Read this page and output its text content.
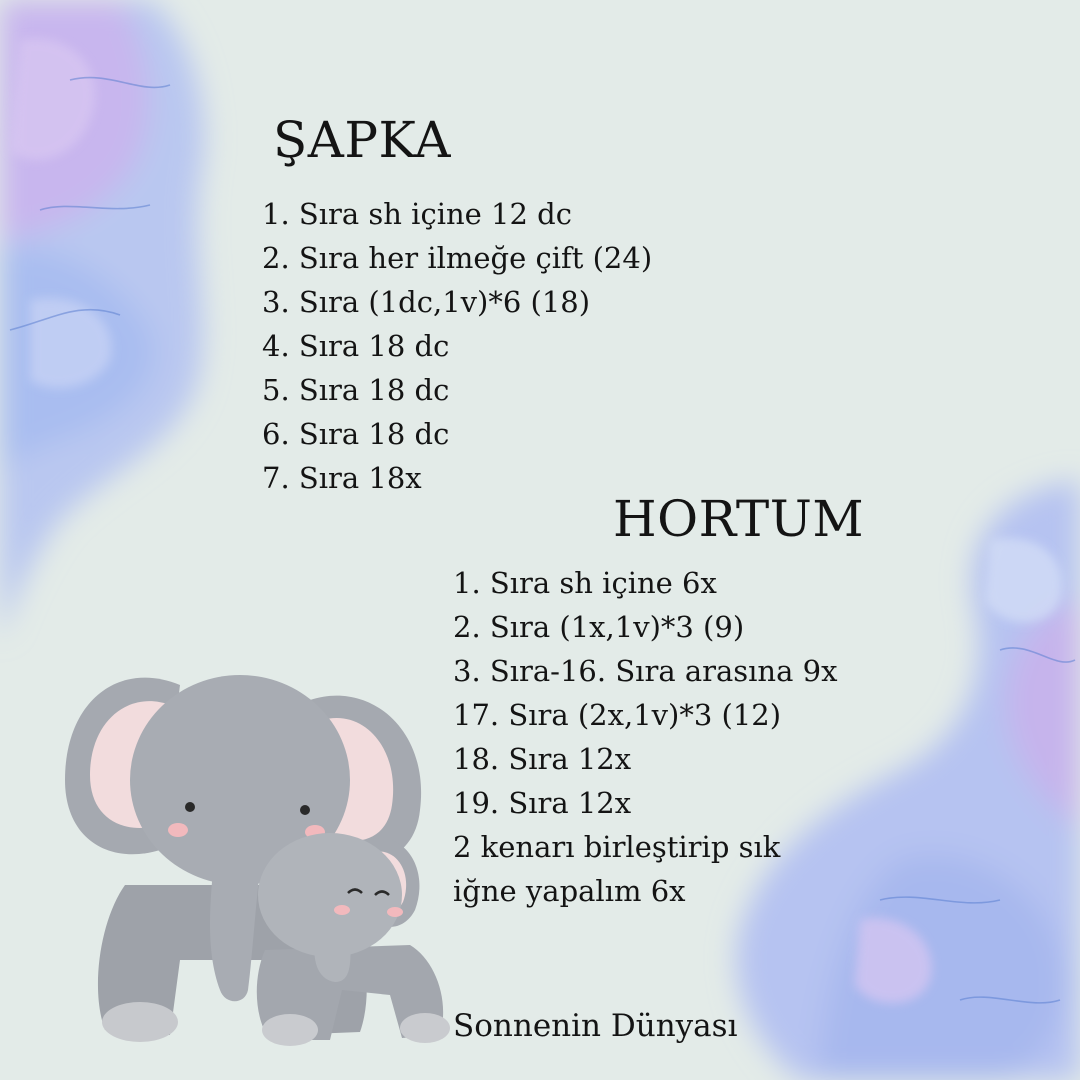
ŞAPKA
1. Sıra sh içine 12 dc
2. Sıra her ilmeğe çift (24)
3. Sıra (1dc,1v)*6 (18)
4. Sıra 18 dc
5. Sıra 18 dc
6. Sıra 18 dc
7. Sıra 18x
HORTUM
1. Sıra sh içine 6x
2. Sıra (1x,1v)*3 (9)
3. Sıra-16. Sıra arasına 9x
17. Sıra (2x,1v)*3 (12)
18. Sıra 12x
19. Sıra 12x
2 kenarı birleştirip sık
iğne yapalım 6x
Sonnenin Dünyası
